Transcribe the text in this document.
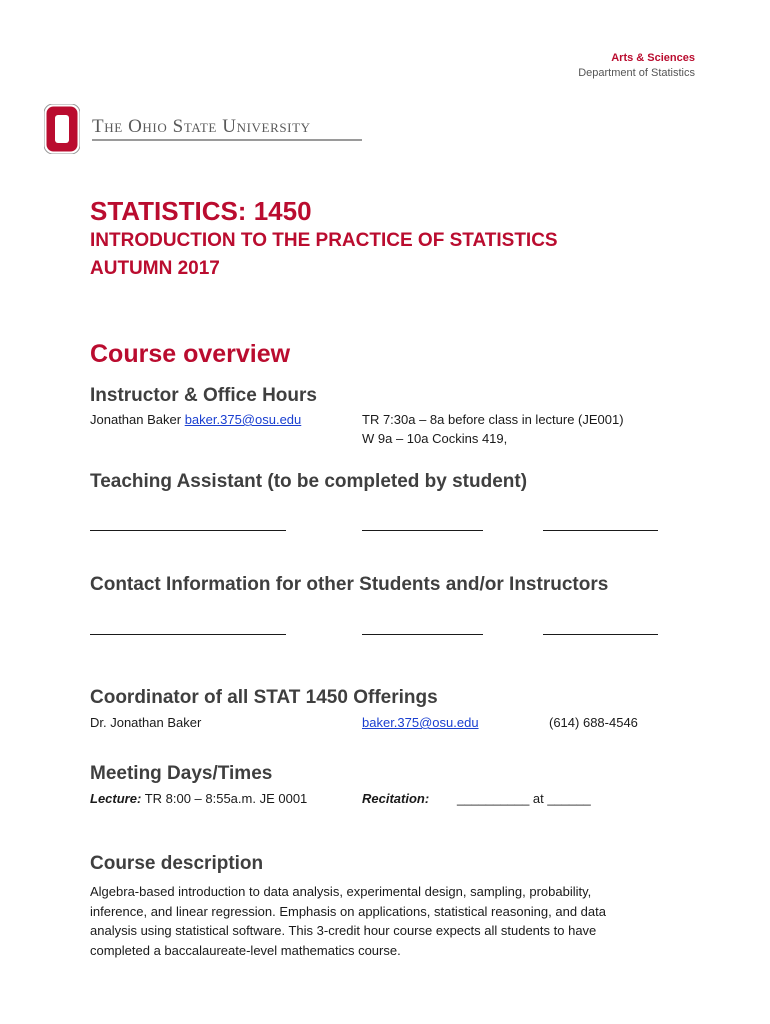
Arts & Sciences
Department of Statistics
The Ohio State University
STATISTICS: 1450
INTRODUCTION TO THE PRACTICE OF STATISTICS
AUTUMN 2017
Course overview
Instructor & Office Hours
Jonathan Baker baker.375@osu.edu	TR 7:30a – 8a before class in lecture (JE001)
W 9a – 10a Cockins 419,
Teaching Assistant (to be completed by student)
Contact Information for other Students and/or Instructors
Coordinator of all STAT 1450 Offerings
Dr. Jonathan Baker	baker.375@osu.edu	(614) 688-4546
Meeting Days/Times
Lecture: TR 8:00 – 8:55a.m. JE 0001	Recitation: __________ at ______
Course description
Algebra-based introduction to data analysis, experimental design, sampling, probability, inference, and linear regression. Emphasis on applications, statistical reasoning, and data analysis using statistical software. This 3-credit hour course expects all students to have completed a baccalaureate-level mathematics course.
